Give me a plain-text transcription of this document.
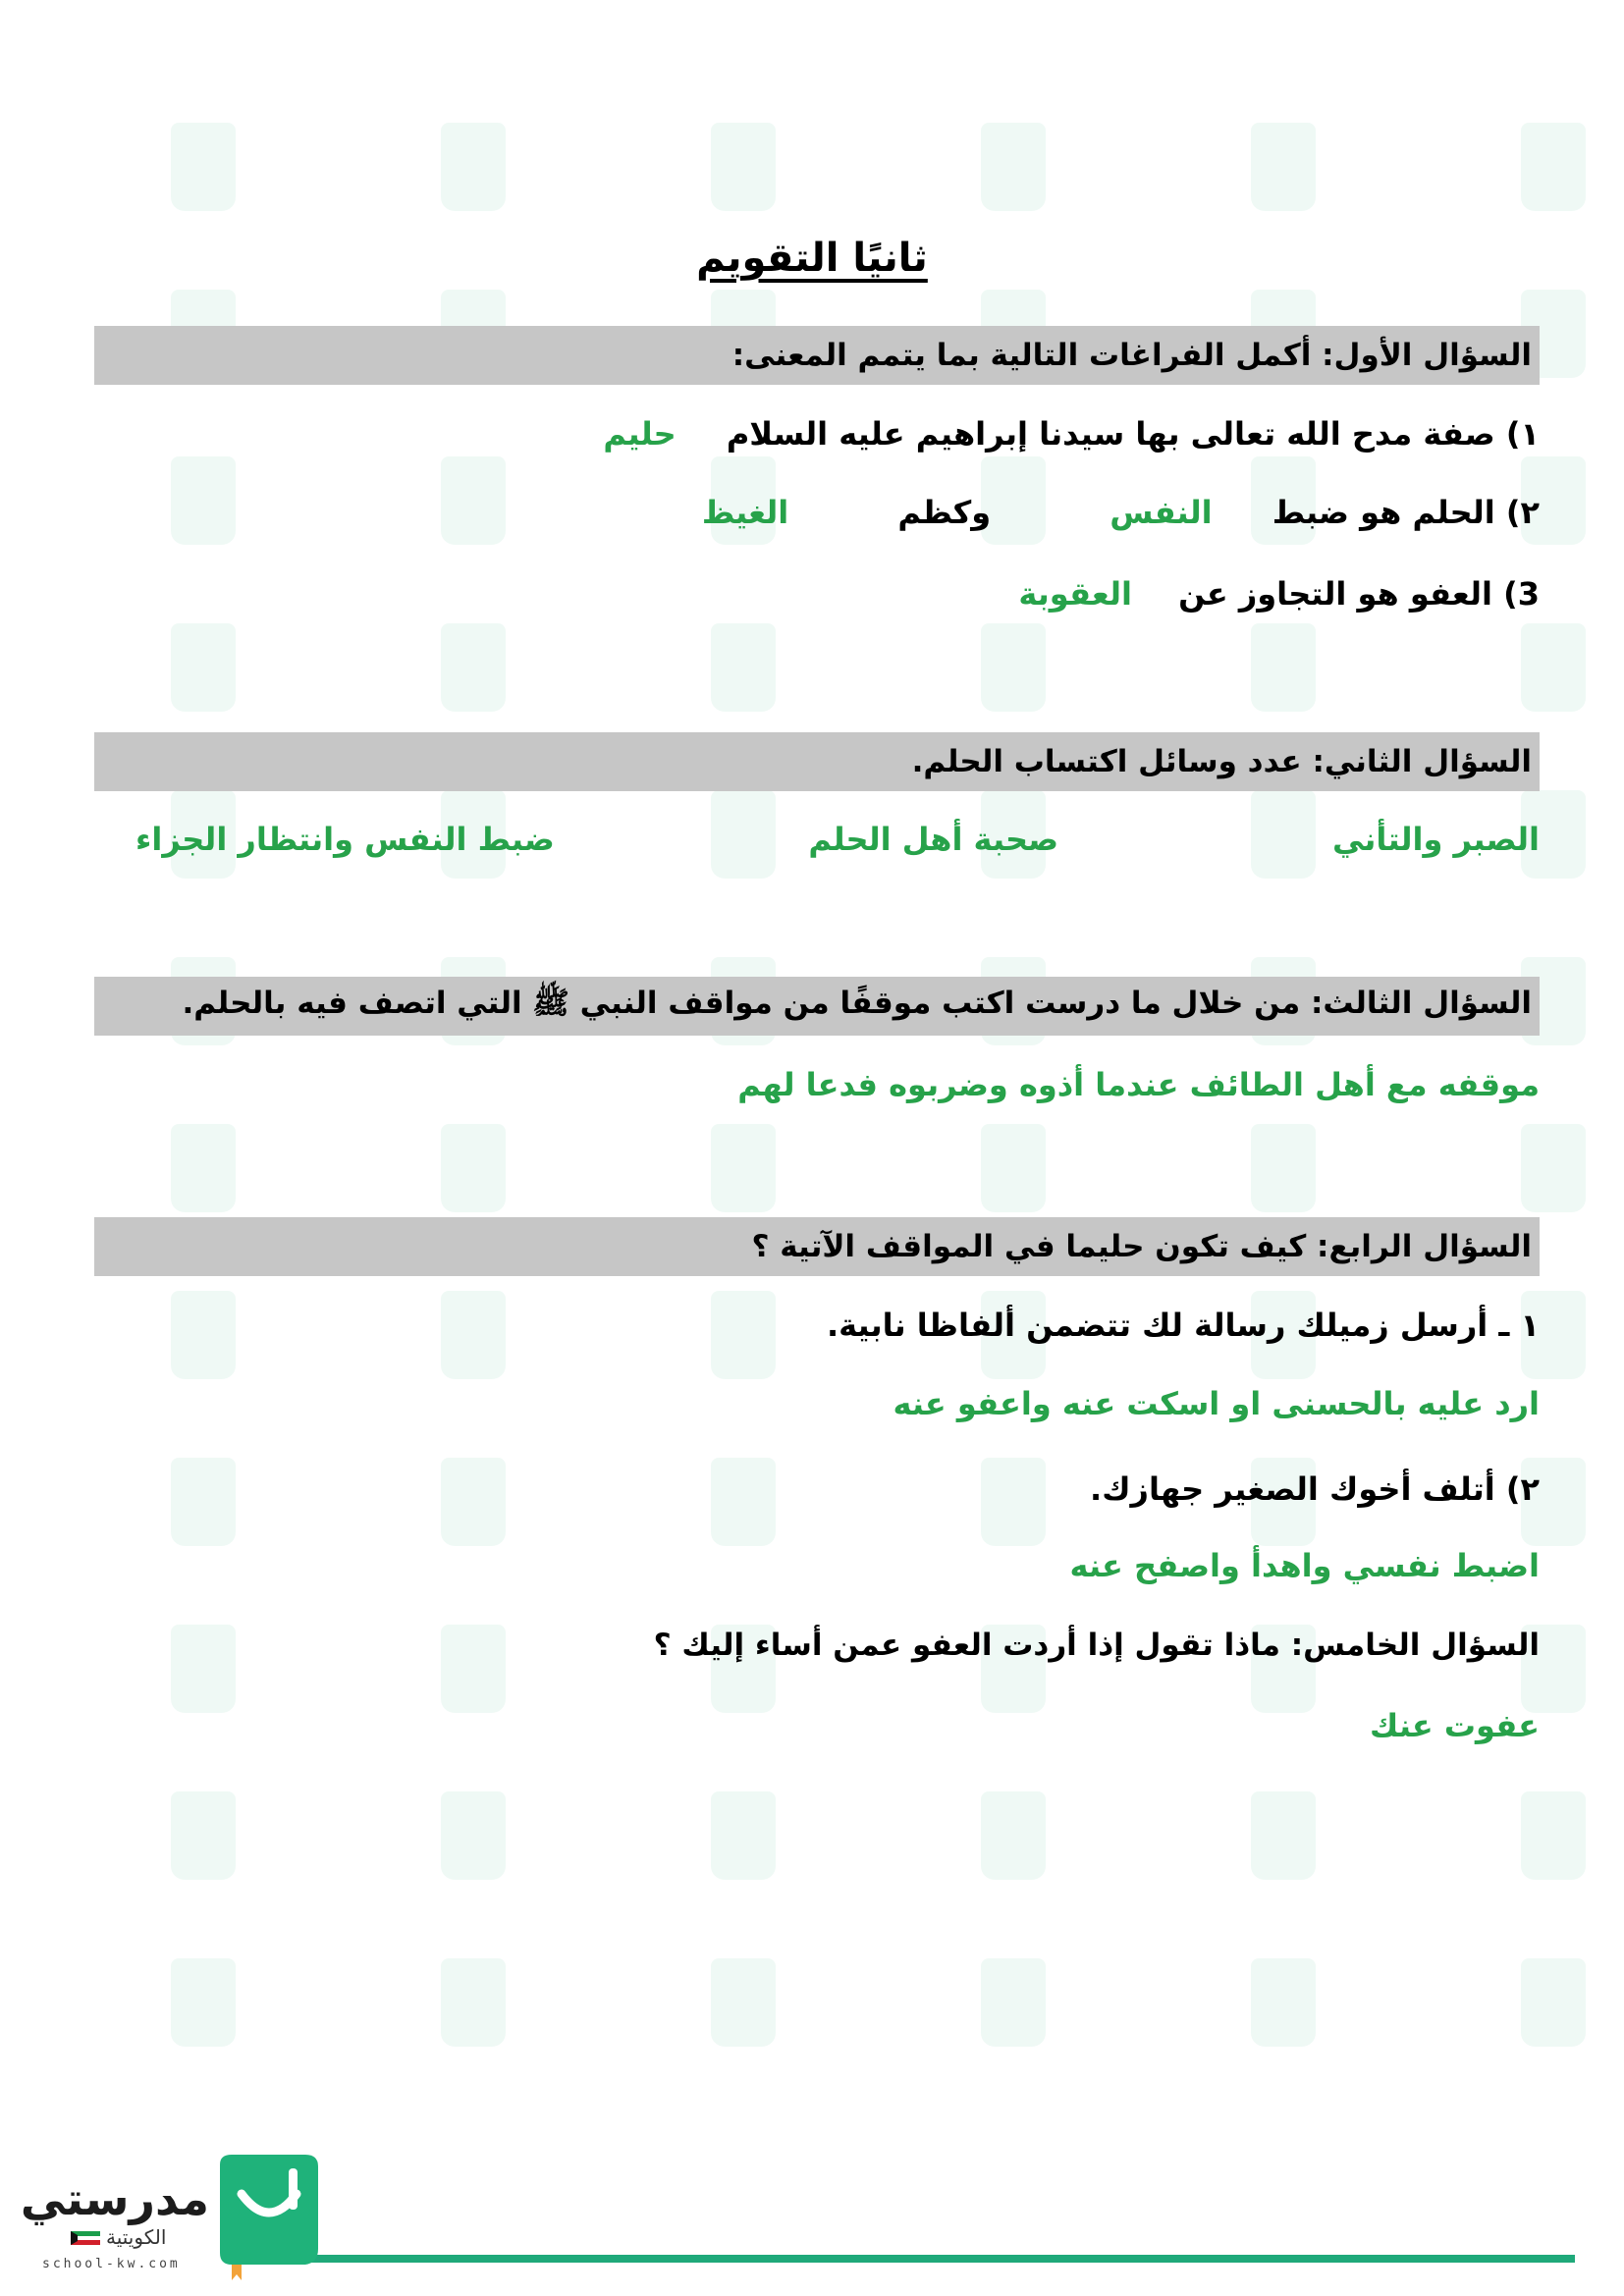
ثانيًا التقويم
السؤال الأول: أكمل الفراغات التالية بما يتمم المعنى:
١) صفة مدح الله تعالى بها سيدنا إبراهيم عليه السلام حليم
٢) الحلم هو ضبط النفس وكظم الغيظ
3) العفو هو التجاوز عن العقوبة
السؤال الثاني: عدد وسائل اكتساب الحلم.
الصبر والتأني
صحبة أهل الحلم
ضبط النفس وانتظار الجزاء
السؤال الثالث: من خلال ما درست اكتب موقفًا من مواقف النبي ﷺ التي اتصف فيه بالحلم.
موقفه مع أهل الطائف عندما أذوه وضربوه فدعا لهم
السؤال الرابع: كيف تكون حليما في المواقف الآتية ؟
١ ـ أرسل زميلك رسالة لك تتضمن ألفاظا نابية.
ارد عليه بالحسنى او اسكت عنه واعفو عنه
٢) أتلف أخوك الصغير جهازك.
اضبط نفسي واهدأ واصفح عنه
السؤال الخامس: ماذا تقول إذا أردت العفو عمن أساء إليك ؟
عفوت عنك
مدرستي
الكويتية
school-kw.com
